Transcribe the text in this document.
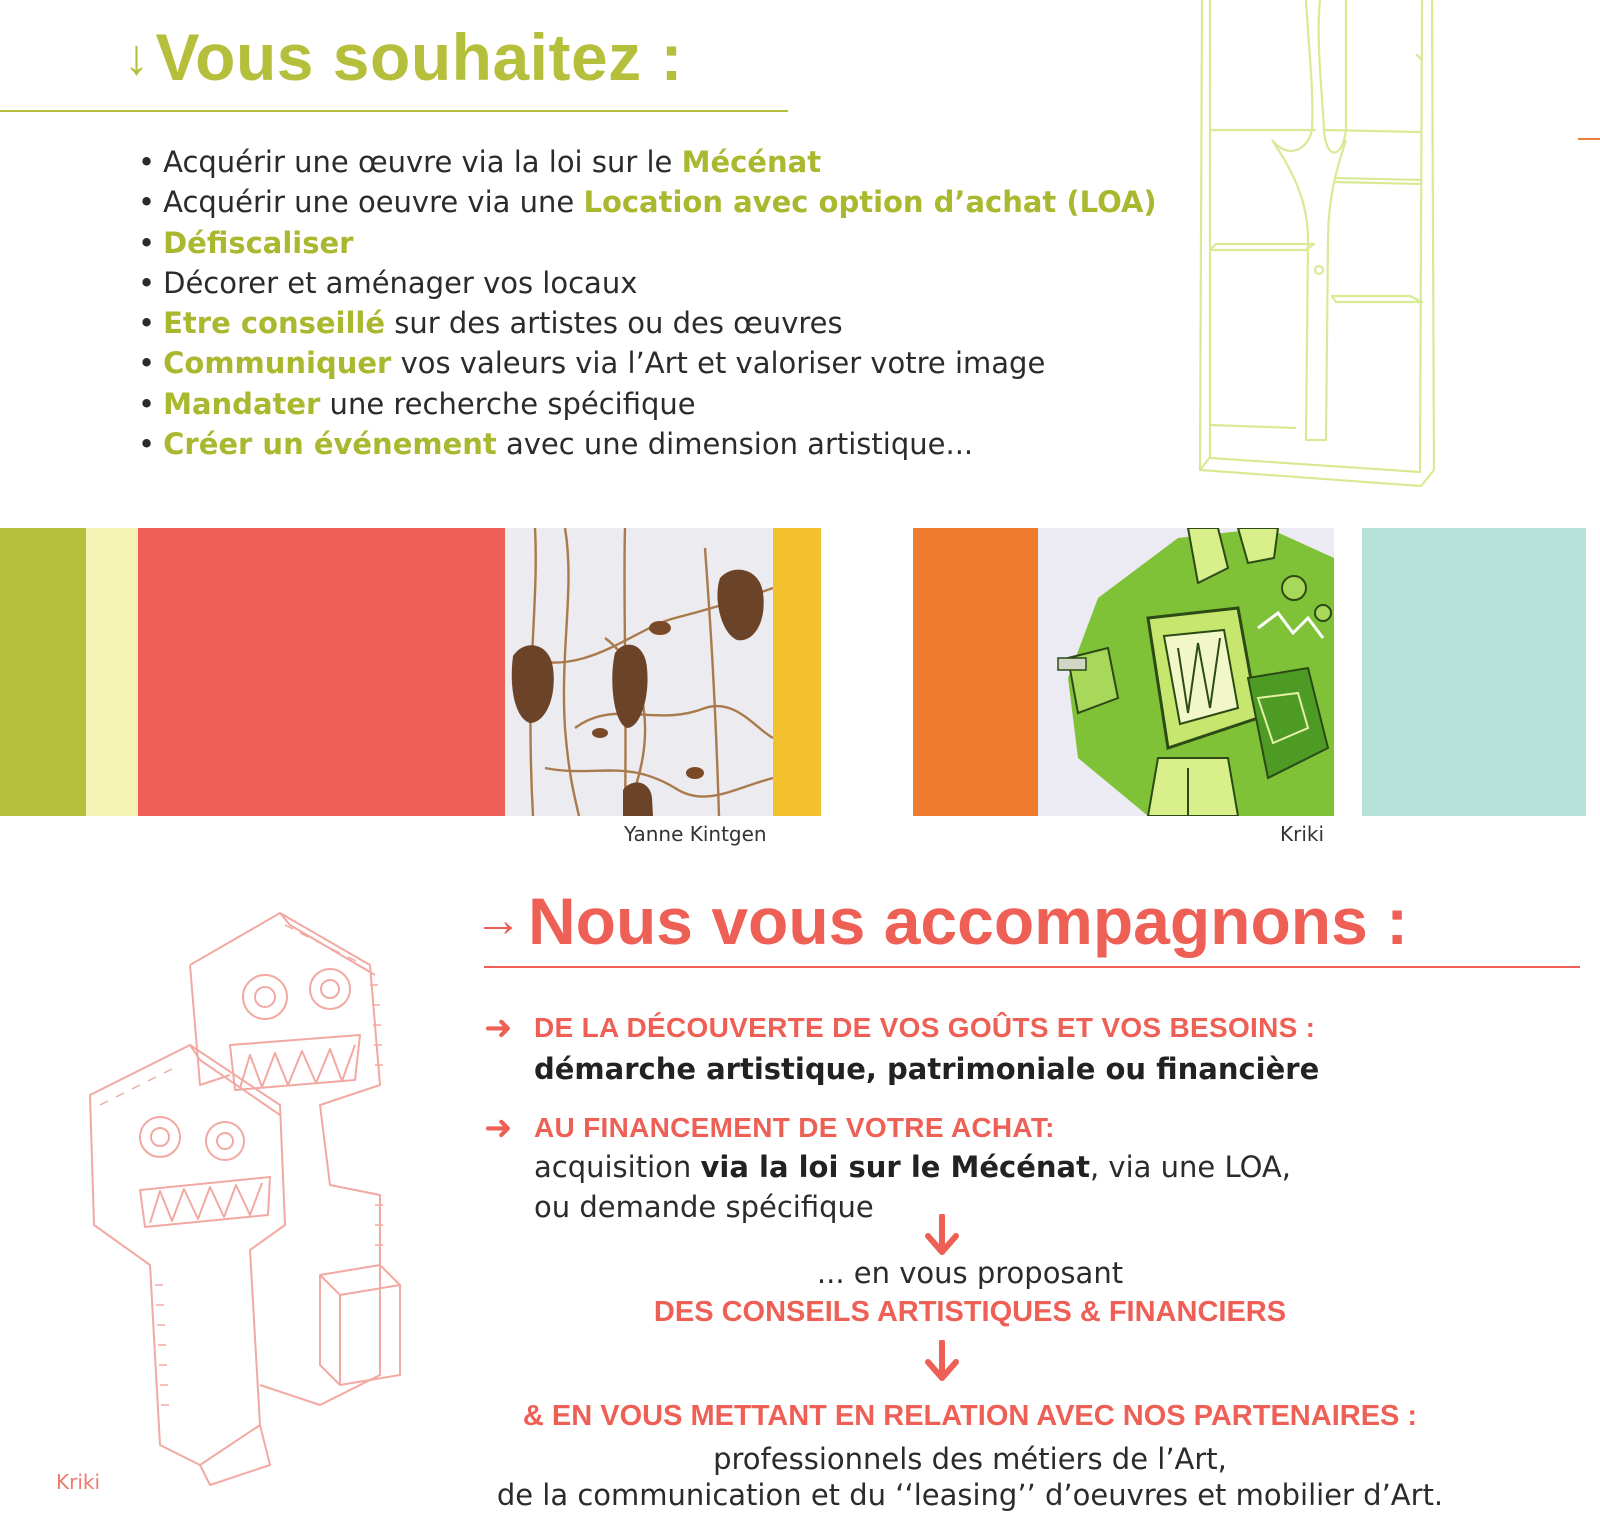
↓Vous souhaitez :
• Acquérir une œuvre via la loi sur le Mécénat
• Acquérir une oeuvre via une Location avec option d’achat (LOA)
• Défiscaliser
• Décorer et aménager vos locaux
• Etre conseillé sur des artistes ou des œuvres
• Communiquer vos valeurs via l’Art et valoriser votre image
• Mandater une recherche spécifique
• Créer un événement avec une dimension artistique...
Yanne Kintgen	Kriki
Kriki
→Nous vous accompagnons :
➜ DE LA DÉCOUVERTE DE VOS GOÛTS ET VOS BESOINS :
démarche artistique, patrimoniale ou financière
➜ AU FINANCEMENT DE VOTRE ACHAT:
acquisition via la loi sur le Mécénat, via une LOA,
ou demande spécifique
... en vous proposant
DES CONSEILS ARTISTIQUES & FINANCIERS
& EN VOUS METTANT EN RELATION AVEC NOS PARTENAIRES :
professionnels des métiers de l’Art,
de la communication et du ‘‘leasing’’ d’oeuvres et mobilier d’Art.
